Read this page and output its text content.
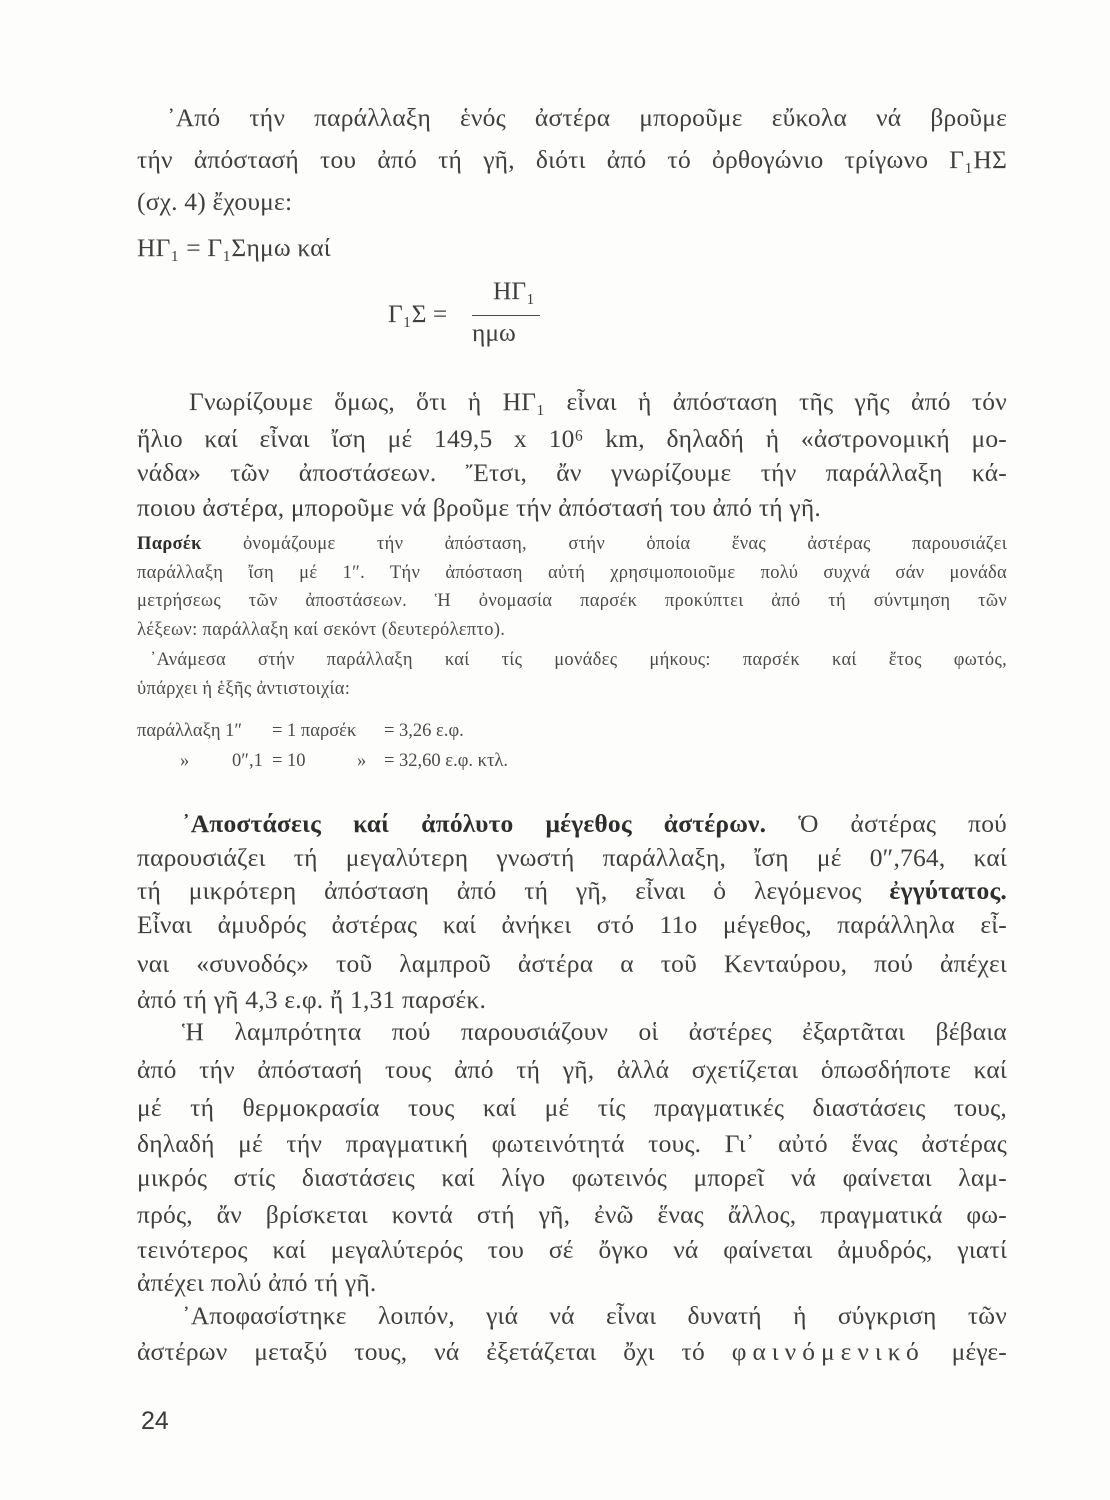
᾿Από τήν παράλλαξη ἑνός ἀστέρα μποροῦμε εὔκολα νά βροῦμε
τήν ἀπόστασή του ἀπό τή γῆ, διότι ἀπό τό ὀρθογώνιο τρίγωνο Γ₁ΗΣ
(σχ. 4) ἔχουμε:
ΗΓ₁ = Γ₁Σημω καί
Γ₁Σ =
ΗΓ₁
ημω
Γνωρίζουμε ὅμως, ὅτι ἡ ΗΓ₁ εἶναι ἡ ἀπόσταση τῆς γῆς ἀπό τόν
ἥλιο καί εἶναι ἴση μέ 149,5 x 10⁶ km, δηλαδή ἡ «ἀστρονομική μο-
νάδα» τῶν ἀποστάσεων. Ἔτσι, ἄν γνωρίζουμε τήν παράλλαξη κά-
ποιου ἀστέρα, μποροῦμε νά βροῦμε τήν ἀπόστασή του ἀπό τή γῆ.
Παρσέκ ὀνομάζουμε τήν ἀπόσταση, στήν ὁποία ἕνας ἀστέρας παρουσιάζει
παράλλαξη ἴση μέ 1″. Τήν ἀπόσταση αὐτή χρησιμοποιοῦμε πολύ συχνά σάν μονάδα
μετρήσεως τῶν ἀποστάσεων. Ἡ ὀνομασία παρσέκ προκύπτει ἀπό τή σύντμηση τῶν
λέξεων: παράλλαξη καί σεκόντ (δευτερόλεπτο).
᾿Ανάμεσα στήν παράλλαξη καί τίς μονάδες μήκους: παρσέκ καί ἔτος φωτός,
ὑπάρχει ἡ ἑξῆς ἀντιστοιχία:
παράλλαξη 1″ = 1 παρσέκ = 3,26 ε.φ.
» 0″,1 = 10	» = 32,60 ε.φ. κτλ.
᾿Αποστάσεις καί ἀπόλυτο μέγεθος ἀστέρων. Ὁ ἀστέρας πού
παρουσιάζει τή μεγαλύτερη γνωστή παράλλαξη, ἴση μέ 0″,764, καί
τή μικρότερη ἀπόσταση ἀπό τή γῆ, εἶναι ὁ λεγόμενος ἐγγύτατος.
Εἶναι ἀμυδρός ἀστέρας καί ἀνήκει στό 11ο μέγεθος, παράλληλα εἶ-
ναι «συνοδός» τοῦ λαμπροῦ ἀστέρα α τοῦ Κενταύρου, πού ἀπέχει
ἀπό τή γῆ 4,3 ε.φ. ἤ 1,31 παρσέκ.
Ἡ λαμπρότητα πού παρουσιάζουν οἱ ἀστέρες ἐξαρτᾶται βέβαια
ἀπό τήν ἀπόστασή τους ἀπό τή γῆ, ἀλλά σχετίζεται ὁπωσδήποτε καί
μέ τή θερμοκρασία τους καί μέ τίς πραγματικές διαστάσεις τους,
δηλαδή μέ τήν πραγματική φωτεινότητά τους. Γι᾿ αὐτό ἕνας ἀστέρας
μικρός στίς διαστάσεις καί λίγο φωτεινός μπορεῖ νά φαίνεται λαμ-
πρός, ἄν βρίσκεται κοντά στή γῆ, ἐνῶ ἕνας ἄλλος, πραγματικά φω-
τεινότερος καί μεγαλύτερός του σέ ὄγκο νά φαίνεται ἀμυδρός, γιατί
ἀπέχει πολύ ἀπό τή γῆ.
᾿Αποφασίστηκε λοιπόν, γιά νά εἶναι δυνατή ἡ σύγκριση τῶν
ἀστέρων μεταξύ τους, νά ἐξετάζεται ὄχι τό φαινόμενικό μέγε-
24
